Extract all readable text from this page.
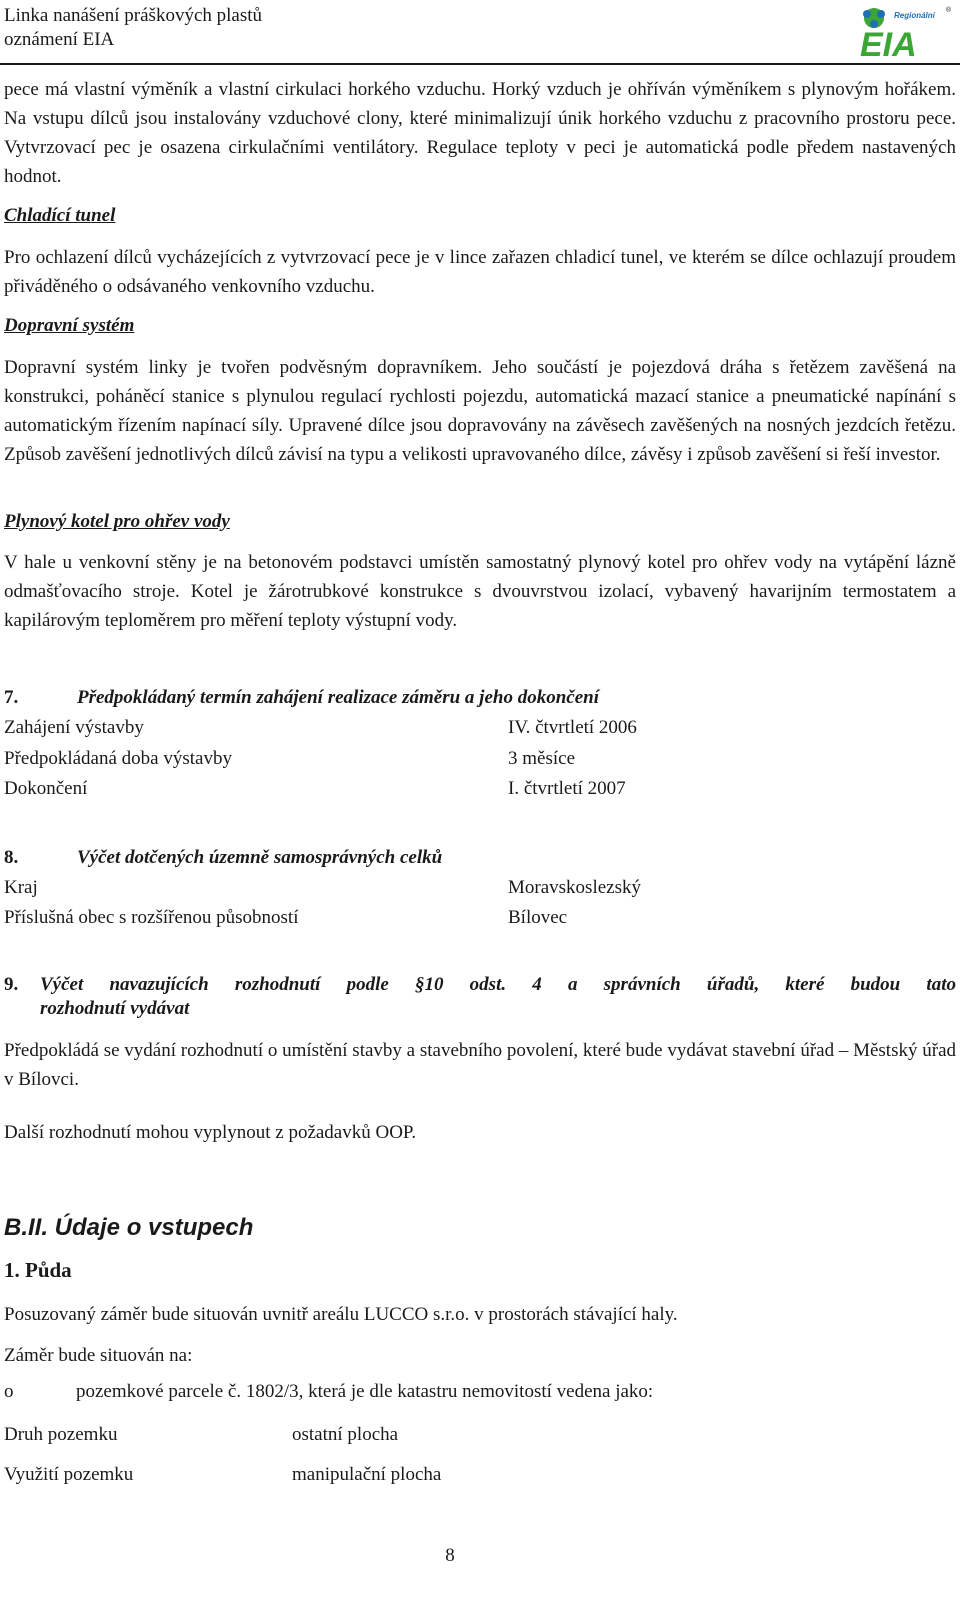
Linka nanášení práškových plastů
oznámení EIA
Regionální
EIA
centrum
®
pece má vlastní výměník a vlastní cirkulaci horkého vzduchu. Horký vzduch je ohříván výměníkem s plynovým hořákem. Na vstupu dílců jsou instalovány vzduchové clony, které minimalizují únik horkého vzduchu z pracovního prostoru pece. Vytvrzovací pec je osazena cirkulačními ventilátory. Regulace teploty v peci je automatická podle předem nastavených hodnot.
Chladící tunel
Pro ochlazení dílců vycházejících z vytvrzovací pece je v lince zařazen chladicí tunel, ve kterém se dílce ochlazují proudem přiváděného o odsávaného venkovního vzduchu.
Dopravní systém
Dopravní systém linky je tvořen podvěsným dopravníkem. Jeho součástí je pojezdová dráha s řetězem zavěšená na konstrukci, poháněcí stanice s plynulou regulací rychlosti pojezdu, automatická mazací stanice a pneumatické napínání s automatickým řízením napínací síly. Upravené dílce jsou dopravovány na závěsech zavěšených na nosných jezdcích řetězu. Způsob zavěšení jednotlivých dílců závisí na typu a velikosti upravovaného dílce, závěsy i způsob zavěšení si řeší investor.
Plynový kotel pro ohřev vody
V hale u venkovní stěny je na betonovém podstavci umístěn samostatný plynový kotel pro ohřev vody na vytápění lázně odmašťovacího stroje. Kotel je žárotrubkové konstrukce s dvouvrstvou izolací, vybavený havarijním termostatem a kapilárovým teploměrem pro měření teploty výstupní vody.
7.	Předpokládaný termín zahájení realizace záměru a jeho dokončení
Zahájení výstavby	IV. čtvrtletí 2006
Předpokládaná doba výstavby	3 měsíce
Dokončení	I. čtvrtletí 2007
8.	Výčet dotčených územně samosprávných celků
Kraj	Moravskoslezský
Příslušná obec s rozšířenou působností	Bílovec
9.	Výčet navazujících rozhodnutí podle §10 odst. 4 a správních úřadů, které budou tato
rozhodnutí vydávat
Předpokládá se vydání rozhodnutí o umístění stavby a stavebního povolení, které bude vydávat stavební úřad – Městský úřad v Bílovci.
Další rozhodnutí mohou vyplynout z požadavků OOP.
B.II. Údaje o vstupech
1. Půda
Posuzovaný záměr bude situován uvnitř areálu LUCCO s.r.o. v prostorách stávající haly.
Záměr bude situován na:
o	pozemkové parcele č. 1802/3, která je dle katastru nemovitostí vedena jako:
Druh pozemku	ostatní plocha
Využití pozemku	manipulační plocha
8
